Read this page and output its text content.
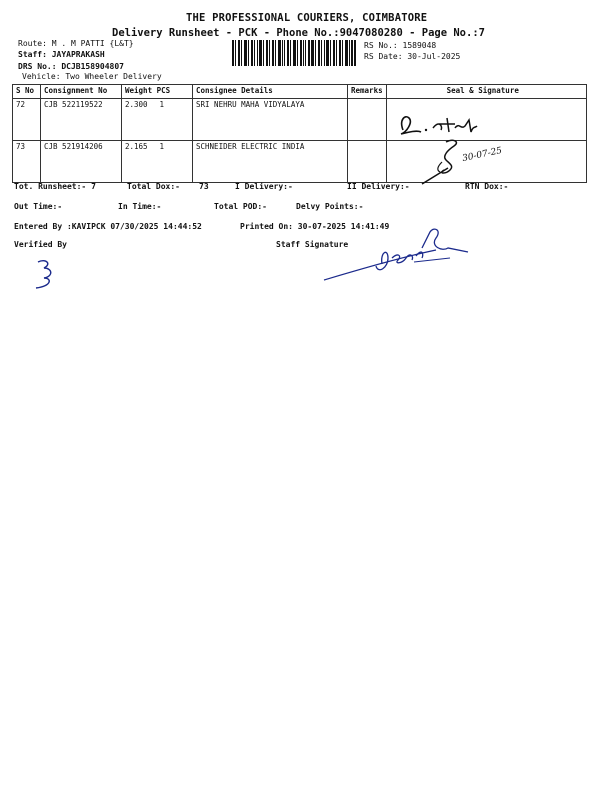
THE PROFESSIONAL COURIERS, COIMBATORE
Delivery Runsheet - PCK - Phone No.:9047080280 - Page No.:7
Route: M . M PATTI {L&T}
Staff: JAYAPRAKASH
DRS No.: DCJB158904807
Vehicle: Two Wheeler Delivery
RS No.: 1589048
RS Date: 30-Jul-2025
S No	Consignment No	Weight PCS	Consignee Details	Remarks	Seal & Signature
72	CJB 522119522	2.300 1	SRI NEHRU MAHA VIDYALAYA		
73	CJB 521914206	2.165 1	SCHNEIDER ELECTRIC INDIA			30-07-25
Tot. Runsheet:- 7	Total Dox:- 73	I Delivery:-	II Delivery:-	RTN Dox:-
Out Time:-	In Time:-	Total POD:-	Delvy Points:-
Entered By :KAVIPCK 07/30/2025 14:44:52	Printed On: 30-07-2025 14:41:49
Verified By	Staff Signature
